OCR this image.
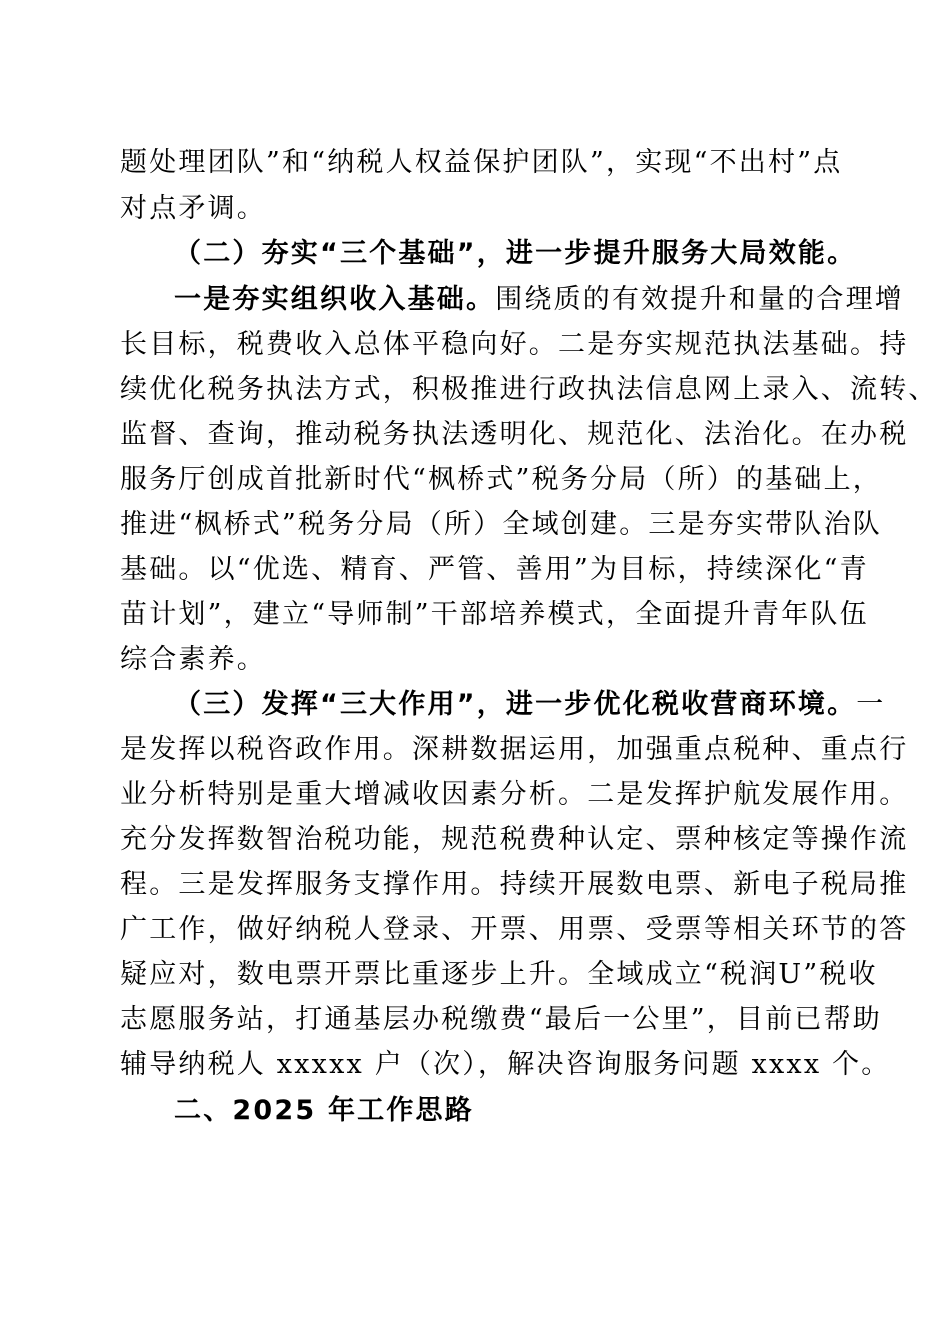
题处理团队”和“纳税人权益保护团队”，实现“不出村”点
对点矛调。
（二）夯实“三个基础”，进一步提升服务大局效能。
一是夯实组织收入基础。围绕质的有效提升和量的合理增
长目标，税费收入总体平稳向好。二是夯实规范执法基础。持
续优化税务执法方式，积极推进行政执法信息网上录入、流转、
监督、查询，推动税务执法透明化、规范化、法治化。在办税
服务厅创成首批新时代“枫桥式”税务分局（所）的基础上，
推进“枫桥式”税务分局（所）全域创建。三是夯实带队治队
基础。以“优选、精育、严管、善用”为目标，持续深化“青
苗计划”，建立“导师制”干部培养模式，全面提升青年队伍
综合素养。
（三）发挥“三大作用”，进一步优化税收营商环境。一
是发挥以税咨政作用。深耕数据运用，加强重点税种、重点行
业分析特别是重大增减收因素分析。二是发挥护航发展作用。
充分发挥数智治税功能，规范税费种认定、票种核定等操作流
程。三是发挥服务支撑作用。持续开展数电票、新电子税局推
广工作，做好纳税人登录、开票、用票、受票等相关环节的答
疑应对，数电票开票比重逐步上升。全域成立“税润U”税收
志愿服务站，打通基层办税缴费“最后一公里”，目前已帮助
辅导纳税人 xxxxx 户（次），解决咨询服务问题 xxxx 个。
二、2025 年工作思路
